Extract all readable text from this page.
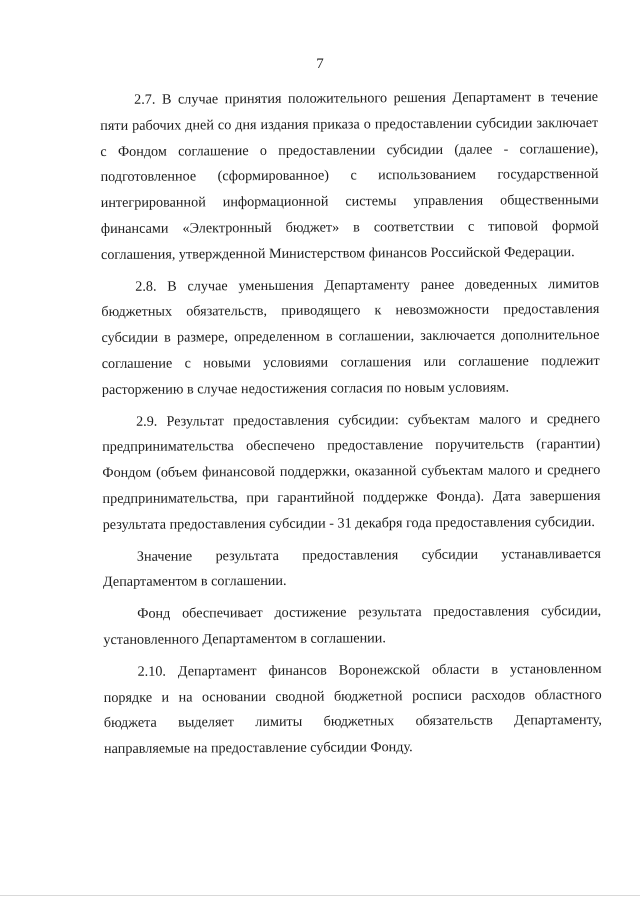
7

2.7. В случае принятия положительного решения Департамент в течение пяти рабочих дней со дня издания приказа о предоставлении субсидии заключает с Фондом соглашение о предоставлении субсидии (далее - соглашение), подготовленное (сформированное) с использованием государственной интегрированной информационной системы управления общественными финансами «Электронный бюджет» в соответствии с типовой формой соглашения, утвержденной Министерством финансов Российской Федерации.

2.8. В случае уменьшения Департаменту ранее доведенных лимитов бюджетных обязательств, приводящего к невозможности предоставления субсидии в размере, определенном в соглашении, заключается дополнительное соглашение с новыми условиями соглашения или соглашение подлежит расторжению в случае недостижения согласия по новым условиям.

2.9. Результат предоставления субсидии: субъектам малого и среднего предпринимательства обеспечено предоставление поручительств (гарантии) Фондом (объем финансовой поддержки, оказанной субъектам малого и среднего предпринимательства, при гарантийной поддержке Фонда). Дата завершения результата предоставления субсидии - 31 декабря года предоставления субсидии.

Значение результата предоставления субсидии устанавливается Департаментом в соглашении.

Фонд обеспечивает достижение результата предоставления субсидии, установленного Департаментом в соглашении.

2.10. Департамент финансов Воронежской области в установленном порядке и на основании сводной бюджетной росписи расходов областного бюджета выделяет лимиты бюджетных обязательств Департаменту, направляемые на предоставление субсидии Фонду.
